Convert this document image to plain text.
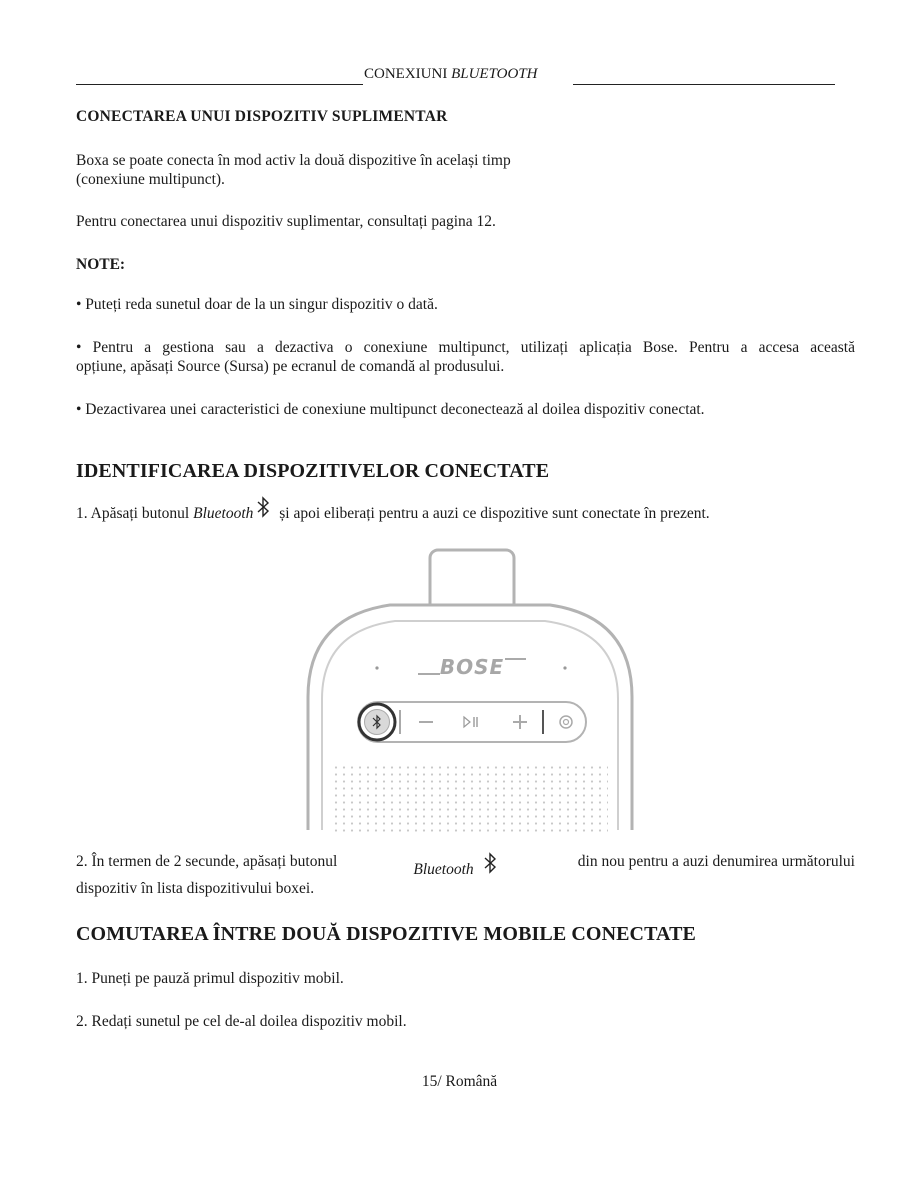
CONEXIUNI BLUETOOTH
CONECTAREA UNUI DISPOZITIV SUPLIMENTAR
Boxa se poate conecta în mod activ la două dispozitive în același timp
(conexiune multipunct).
Pentru conectarea unui dispozitiv suplimentar, consultați pagina 12.
NOTE:
• Puteți reda sunetul doar de la un singur dispozitiv o dată.
• Pentru a gestiona sau a dezactiva o conexiune multipunct, utilizați aplicația Bose. Pentru a accesa această
opțiune, apăsați Source (Sursa) pe ecranul de comandă al produsului.
• Dezactivarea unei caracteristici de conexiune multipunct deconectează al doilea dispozitiv conectat.
IDENTIFICAREA DISPOZITIVELOR CONECTATE
1. Apăsați butonul Bluetooth și apoi eliberați pentru a auzi ce dispozitive sunt conectate în prezent.
BOSE
2. În termen de 2 secunde, apăsați butonul	Bluetooth	din nou pentru a auzi denumirea următorului
dispozitiv în lista dispozitivului boxei.
COMUTAREA ÎNTRE DOUĂ DISPOZITIVE MOBILE CONECTATE
1. Puneți pe pauză primul dispozitiv mobil.
2. Redați sunetul pe cel de-al doilea dispozitiv mobil.
15/ Română
